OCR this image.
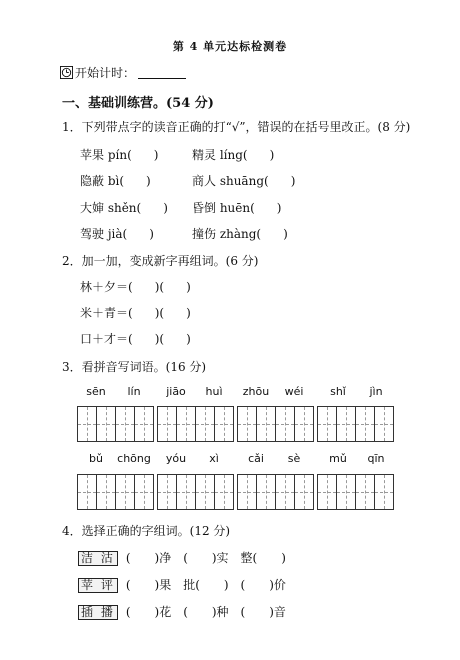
第 4 单元达标检测卷
开始计时：
一、基础训练营。(54 分)
1．下列带点字的读音正确的打“√”，错误的在括号里改正。(8 分)
苹果 pín( )	精灵 líng( )
隐蔽 bì( )	商人 shuāng( )
大婶 shěn( ) 昏倒 huēn( )
驾驶 jià( )	撞伤 zhàng( )
2．加一加，变成新字再组词。(6 分)
林＋夕＝( )( )
米＋青＝( )( )
口＋才＝( )( )
3．看拼音写词语。(16 分)
sēn	lín	jiāo	huì	zhōu	wéi	shǐ	jìn
bǔ	chōng	yóu	xì	cǎi	sè	mǔ	qīn
4．选择正确的字组词。(12 分)
洁 沽 (　　)净　(　　)实　整(　　)
苹 评 (　　)果　批(　　)　(　　)价
插 播 (　　)花　(　　)种　(　　)音
